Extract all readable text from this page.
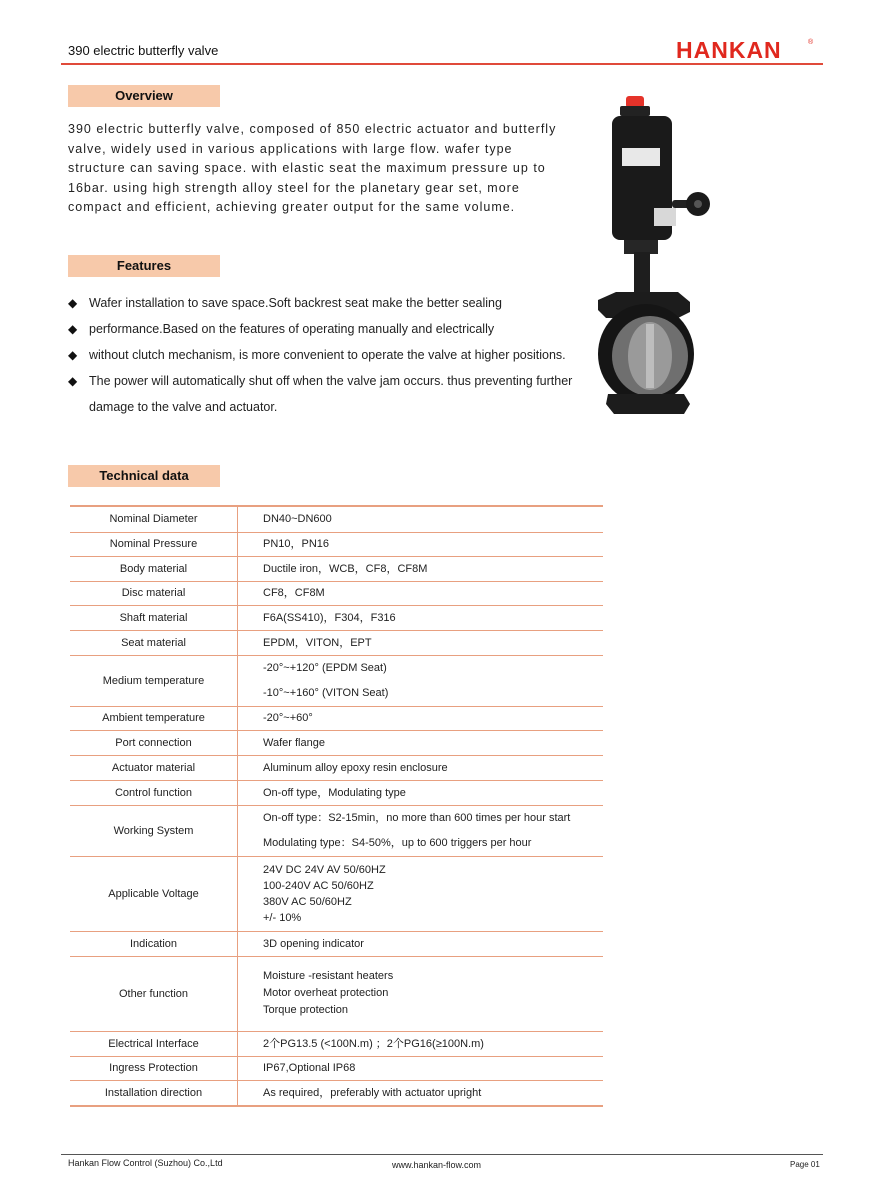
390 electric butterfly valve	HANKAN	®
Overview

390 electric butterfly valve, composed of 850 electric actuator and butterfly valve, widely used in various applications with large flow. wafer type structure can saving space. with elastic seat the maximum pressure up to 16bar. using high strength alloy steel for the planetary gear set, more compact and efficient, achieving greater output for the same volume.

Features
◆ Wafer installation to save space.Soft backrest seat make the better sealing
◆ performance.Based on the features of operating manually and electrically
◆ without clutch mechanism, is more convenient to operate the valve at higher positions.
◆ The power will automatically shut off when the valve jam occurs. thus preventing further damage to the valve and actuator.
Technical data
Nominal Diameter	DN40~DN600

Nominal Pressure	PN10，PN16

Body material	Ductile iron，WCB，CF8，CF8M

Disc material	CF8，CF8M

Shaft material	F6A(SS410)，F304，F316

Seat material	EPDM，VITON，EPT

Medium temperature	-20°~+120° (EPDM Seat)
-10°~+160° (VITON Seat)

Ambient temperature	-20°~+60°

Port connection	Wafer flange

Actuator material	Aluminum alloy epoxy resin enclosure

Control function	On-off type，Modulating type

Working System	On-off type：S2-15min，no more than 600 times per hour start
Modulating type：S4-50%，up to 600 triggers per hour

Applicable Voltage	24V DC 24V AV 50/60HZ
100-240V AC 50/60HZ
380V AC 50/60HZ
+/- 10%

Indication	3D opening indicator

Other function	Moisture -resistant heaters
Motor overheat protection
Torque protection

Electrical Interface	2个PG13.5 (<100N.m) ；2个PG16(≥100N.m)

Ingress Protection	IP67,Optional IP68

Installation direction	As required，preferably with actuator upright
Hankan Flow Control (Suzhou) Co.,Ltd	www.hankan-flow.com	Page 01
